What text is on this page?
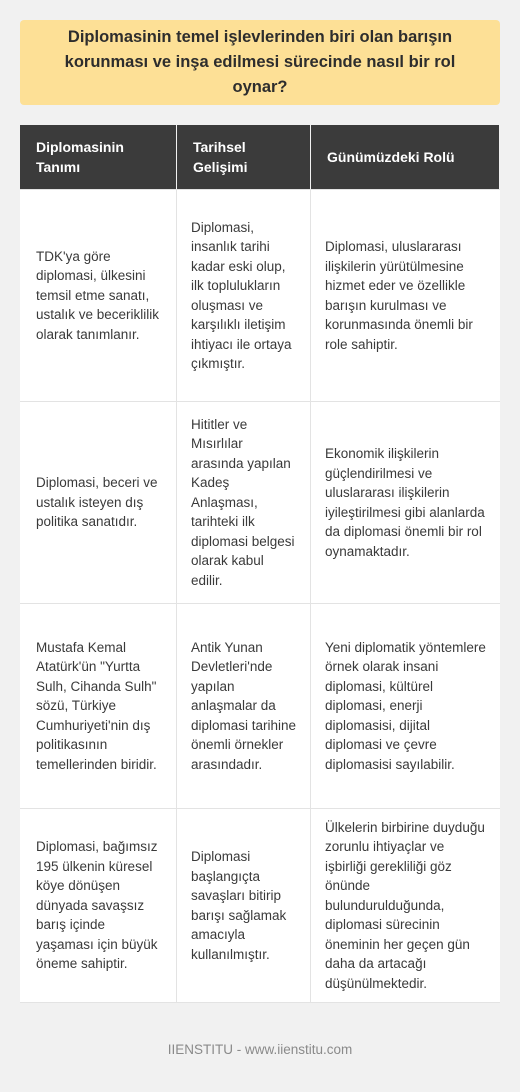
Diplomasinin temel işlevlerinden biri olan barışın korunması ve inşa edilmesi sürecinde nasıl bir rol oynar?
Diplomasinin Tanımı
Tarihsel Gelişimi
Günümüzdeki Rolü
TDK'ya göre diplomasi, ülkesini temsil etme sanatı, ustalık ve beceriklilik olarak tanımlanır.
Diplomasi, insanlık tarihi kadar eski olup, ilk toplulukların oluşması ve karşılıklı iletişim ihtiyacı ile ortaya çıkmıştır.
Diplomasi, uluslararası ilişkilerin yürütülmesine hizmet eder ve özellikle barışın kurulması ve korunmasında önemli bir role sahiptir.
Diplomasi, beceri ve ustalık isteyen dış politika sanatıdır.
Hititler ve Mısırlılar arasında yapılan Kadeş Anlaşması, tarihteki ilk diplomasi belgesi olarak kabul edilir.
Ekonomik ilişkilerin güçlendirilmesi ve uluslararası ilişkilerin iyileştirilmesi gibi alanlarda da diplomasi önemli bir rol oynamaktadır.
Mustafa Kemal Atatürk'ün "Yurtta Sulh, Cihanda Sulh" sözü, Türkiye Cumhuriyeti'nin dış politikasının temellerinden biridir.
Antik Yunan Devletleri'nde yapılan anlaşmalar da diplomasi tarihine önemli örnekler arasındadır.
Yeni diplomatik yöntemlere örnek olarak insani diplomasi, kültürel diplomasi, enerji diplomasisi, dijital diplomasi ve çevre diplomasisi sayılabilir.
Diplomasi, bağımsız 195 ülkenin küresel köye dönüşen dünyada savaşsız barış içinde yaşaması için büyük öneme sahiptir.
Diplomasi başlangıçta savaşları bitirip barışı sağlamak amacıyla kullanılmıştır.
Ülkelerin birbirine duyduğu zorunlu ihtiyaçlar ve işbirliği gerekliliği göz önünde bulundurulduğunda, diplomasi sürecinin öneminin her geçen gün daha da artacağı düşünülmektedir.
IIENSTITU - www.iienstitu.com
